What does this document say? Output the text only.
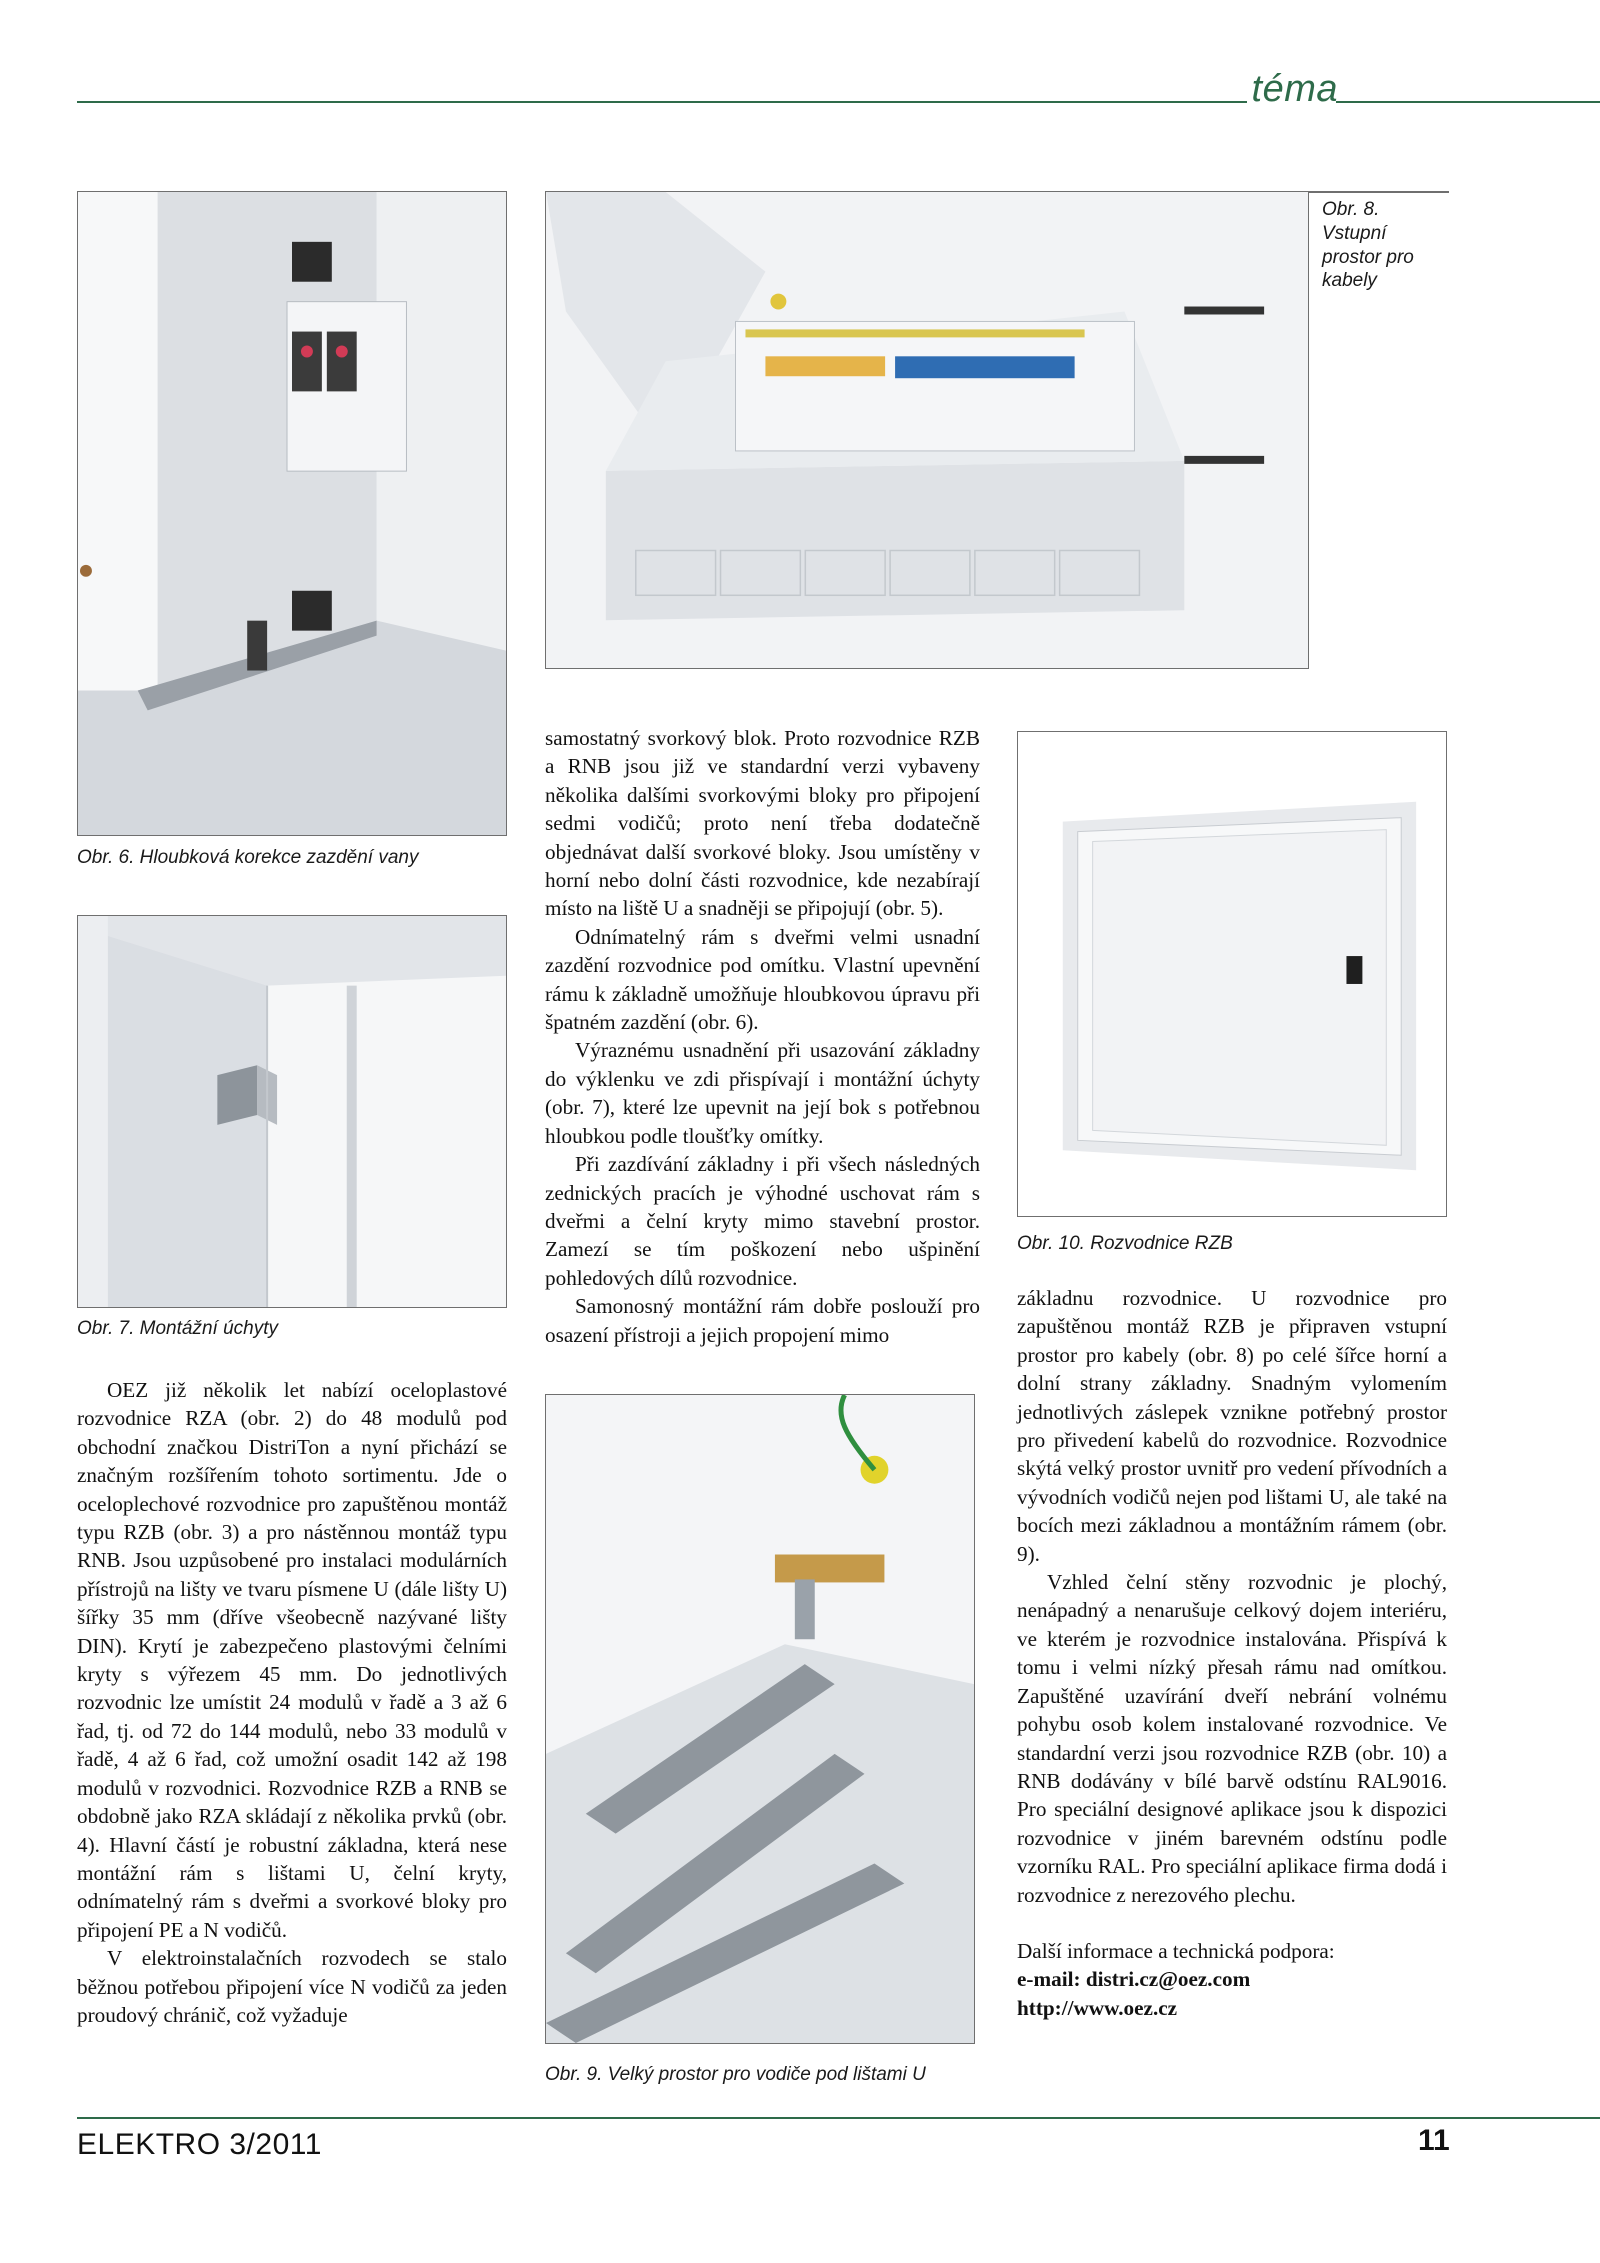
téma
Obr. 6. Hloubková korekce zazdění vany
Obr. 7. Montážní úchyty
Obr. 8.
Vstupní
prostor pro
kabely
Obr. 10. Rozvodnice RZB
Obr. 9. Velký prostor pro vodiče pod lištami U

OEZ již několik let nabízí oceloplastové rozvodnice RZA (obr. 2) do 48 modulů pod obchodní značkou DistriTon a nyní přichází se značným rozšířením tohoto sortimentu. Jde o oceloplechové rozvodnice pro zapuštěnou montáž typu RZB (obr. 3) a pro nástěnnou montáž typu RNB. Jsou uzpůsobené pro instalaci modulárních přístrojů na lišty ve tvaru písmene U (dále lišty U) šířky 35 mm (dříve všeobecně nazývané lišty DIN). Krytí je zabezpečeno plastovými čelními kryty s výřezem 45 mm. Do jednotlivých rozvodnic lze umístit 24 modulů v řadě a 3 až 6 řad, tj. od 72 do 144 modulů, nebo 33 modulů v řadě, 4 až 6 řad, což umožní osadit 142 až 198 modulů v rozvodnici. Rozvodnice RZB a RNB se obdobně jako RZA skládají z několika prvků (obr. 4). Hlavní částí je robustní základna, která nese montážní rám s lištami U, čelní kryty, odnímatelný rám s dveřmi a svorkové bloky pro připojení PE a N vodičů.

V elektroinstalačních rozvodech se stalo běžnou potřebou připojení více N vodičů za jeden proudový chránič, což vyžaduje

samostatný svorkový blok. Proto rozvodnice RZB a RNB jsou již ve standardní verzi vybaveny několika dalšími svorkovými bloky pro připojení sedmi vodičů; proto není třeba dodatečně objednávat další svorkové bloky. Jsou umístěny v horní nebo dolní části rozvodnice, kde nezabírají místo na liště U a snadněji se připojují (obr. 5).

Odnímatelný rám s dveřmi velmi usnadní zazdění rozvodnice pod omítku. Vlastní upevnění rámu k základně umožňuje hloubkovou úpravu při špatném zazdění (obr. 6).

Výraznému usnadnění při usazování základny do výklenku ve zdi přispívají i montážní úchyty (obr. 7), které lze upevnit na její bok s potřebnou hloubkou podle tloušťky omítky.

Při zazdívání základny i při všech následných zednických pracích je výhodné uschovat rám s dveřmi a čelní kryty mimo stavební prostor. Zamezí se tím poškození nebo ušpinění pohledových dílů rozvodnice.

Samonosný montážní rám dobře poslouží pro osazení přístroji a jejich propojení mimo

základnu rozvodnice. U rozvodnice pro zapuštěnou montáž RZB je připraven vstupní prostor pro kabely (obr. 8) po celé šířce horní a dolní strany základny. Snadným vylomením jednotlivých záslepek vznikne potřebný prostor pro přivedení kabelů do rozvodnice. Rozvodnice skýtá velký prostor uvnitř pro vedení přívodních a vývodních vodičů nejen pod lištami U, ale také na bocích mezi základnou a montážním rámem (obr. 9).

Vzhled čelní stěny rozvodnic je plochý, nenápadný a nenarušuje celkový dojem interiéru, ve kterém je rozvodnice instalována. Přispívá k tomu i velmi nízký přesah rámu nad omítkou. Zapuštěné uzavírání dveří nebrání volnému pohybu osob kolem instalované rozvodnice. Ve standardní verzi jsou rozvodnice RZB (obr. 10) a RNB dodávány v bílé barvě odstínu RAL9016. Pro speciální designové aplikace jsou k dispozici rozvodnice v jiném barevném odstínu podle vzorníku RAL. Pro speciální aplikace firma dodá i rozvodnice z nerezového plechu.

Další informace a technická podpora:
e-mail: distri.cz@oez.com
http://www.oez.cz
ELEKTRO 3/2011	11
